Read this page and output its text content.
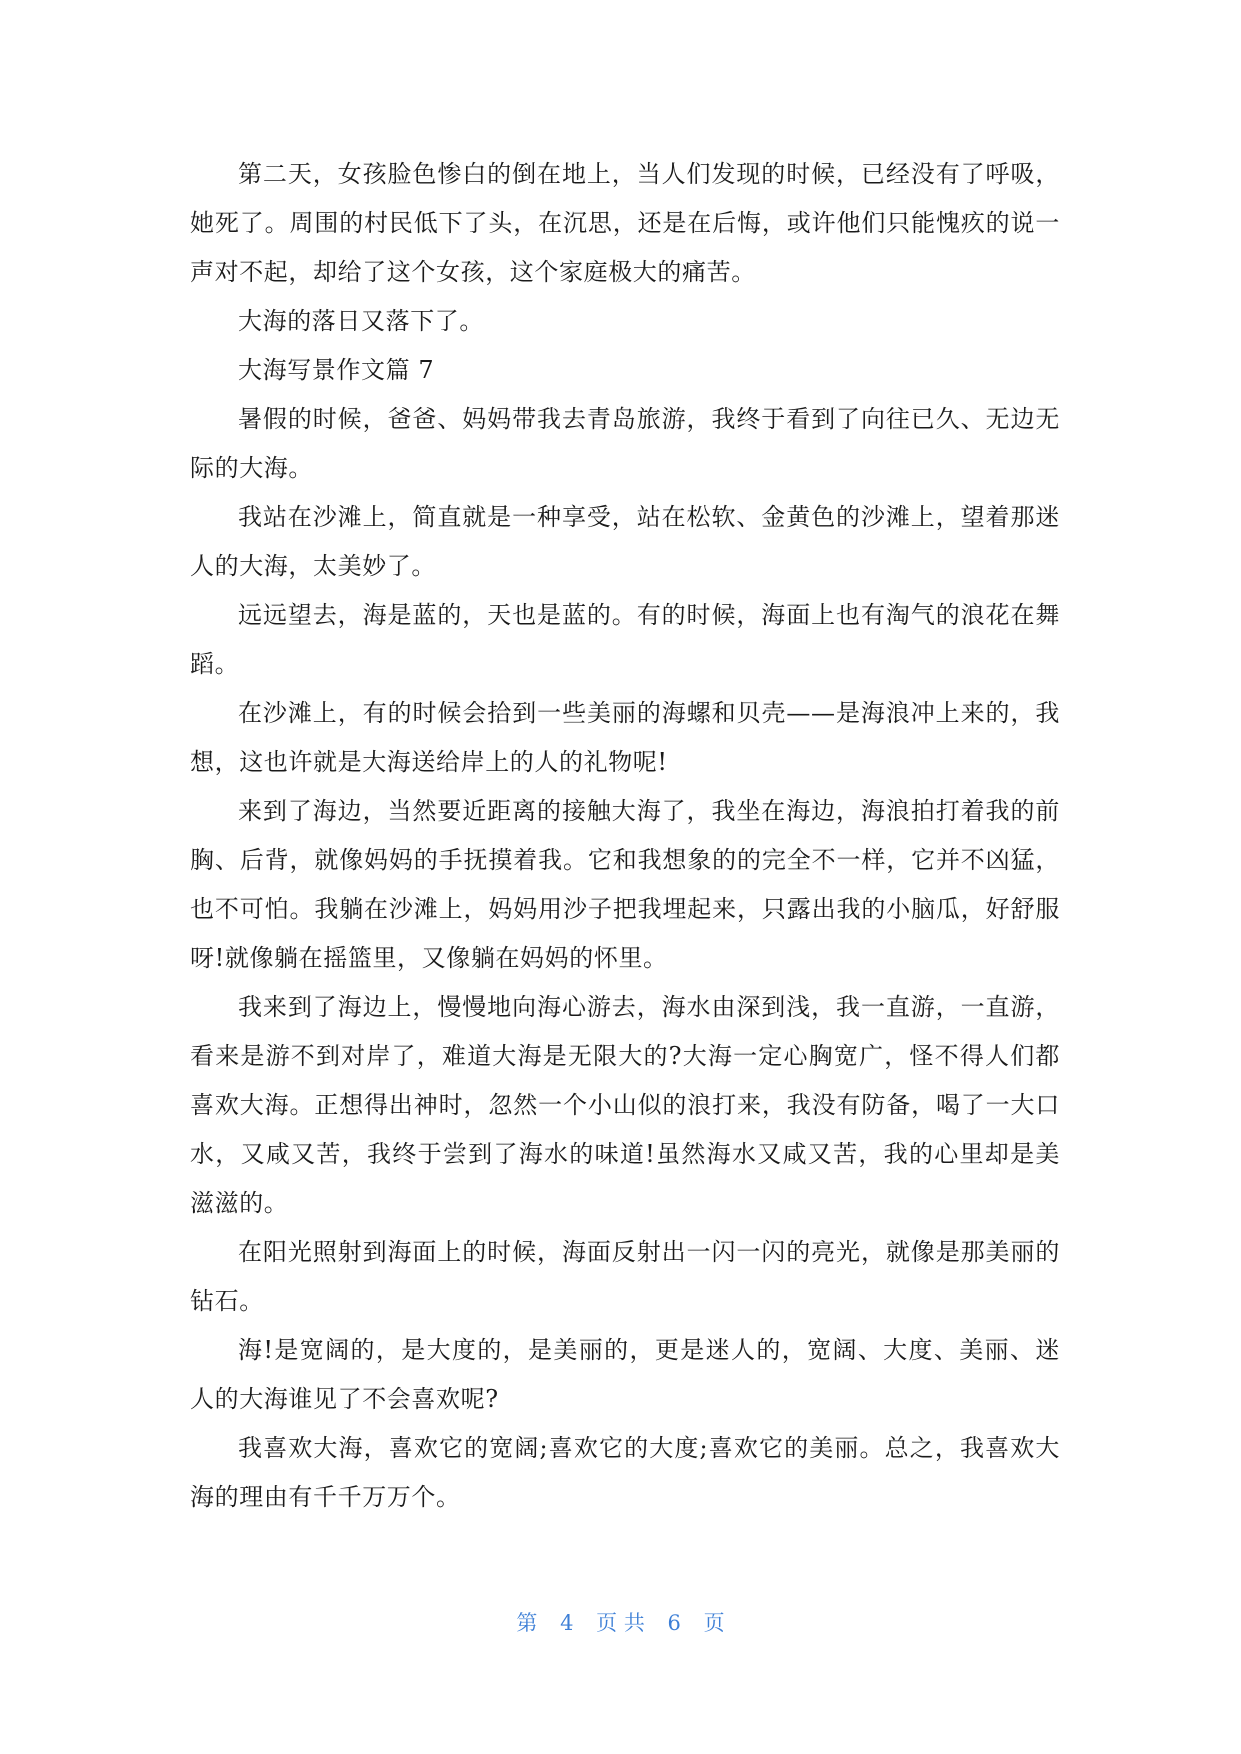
第二天，女孩脸色惨白的倒在地上，当人们发现的时候，已经没有了呼吸，她死了。周围的村民低下了头，在沉思，还是在后悔，或许他们只能愧疚的说一声对不起，却给了这个女孩，这个家庭极大的痛苦。

大海的落日又落下了。

大海写景作文篇 7

暑假的时候，爸爸、妈妈带我去青岛旅游，我终于看到了向往已久、无边无际的大海。

我站在沙滩上，简直就是一种享受，站在松软、金黄色的沙滩上，望着那迷人的大海，太美妙了。

远远望去，海是蓝的，天也是蓝的。有的时候，海面上也有淘气的浪花在舞蹈。

在沙滩上，有的时候会拾到一些美丽的海螺和贝壳——是海浪冲上来的，我想，这也许就是大海送给岸上的人的礼物呢!

来到了海边，当然要近距离的接触大海了，我坐在海边，海浪拍打着我的前胸、后背，就像妈妈的手抚摸着我。它和我想象的的完全不一样，它并不凶猛，也不可怕。我躺在沙滩上，妈妈用沙子把我埋起来，只露出我的小脑瓜，好舒服呀!就像躺在摇篮里，又像躺在妈妈的怀里。

我来到了海边上，慢慢地向海心游去，海水由深到浅，我一直游，一直游，看来是游不到对岸了，难道大海是无限大的?大海一定心胸宽广，怪不得人们都喜欢大海。正想得出神时，忽然一个小山似的浪打来，我没有防备，喝了一大口水，又咸又苦，我终于尝到了海水的味道!虽然海水又咸又苦，我的心里却是美滋滋的。

在阳光照射到海面上的时候，海面反射出一闪一闪的亮光，就像是那美丽的钻石。

海!是宽阔的，是大度的，是美丽的，更是迷人的，宽阔、大度、美丽、迷人的大海谁见了不会喜欢呢?

我喜欢大海，喜欢它的宽阔;喜欢它的大度;喜欢它的美丽。总之，我喜欢大海的理由有千千万万个。

第 4 页 共 6 页
